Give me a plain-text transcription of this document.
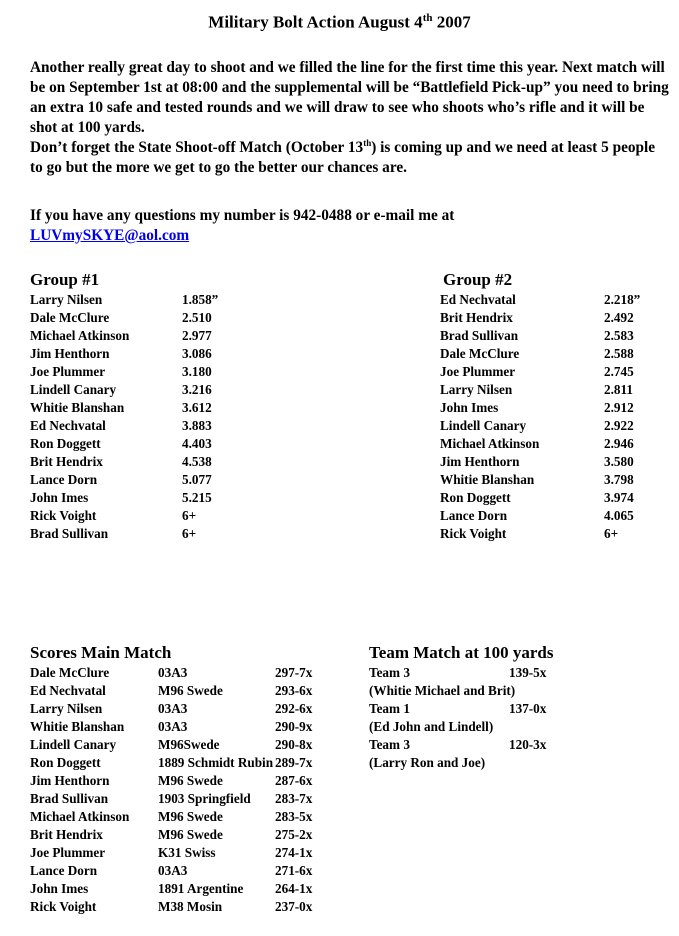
Military Bolt Action August 4th 2007

Another really great day to shoot and we filled the line for the first time this year. Next match will be on September 1st at 08:00 and the supplemental will be “Battlefield Pick-up” you need to bring an extra 10 safe and tested rounds and we will draw to see who shoots who’s rifle and it will be shot at 100 yards.

Don’t forget the State Shoot-off Match (October 13th) is coming up and we need at least 5 people to go but the more we get to go the better our chances are.

If you have any questions my number is 942-0488 or e-mail me at
LUVmySKYE@aol.com
Group #1
Larry Nilsen	1.858”
Dale McClure	2.510
Michael Atkinson	2.977
Jim Henthorn	3.086
Joe Plummer	3.180
Lindell Canary	3.216
Whitie Blanshan	3.612
Ed Nechvatal	3.883
Ron Doggett	4.403
Brit Hendrix	4.538
Lance Dorn	5.077
John Imes	5.215
Rick Voight	6+
Brad Sullivan	6+
Group #2
Ed Nechvatal	2.218”
Brit Hendrix	2.492
Brad Sullivan	2.583
Dale McClure	2.588
Joe Plummer	2.745
Larry Nilsen	2.811
John Imes	2.912
Lindell Canary	2.922
Michael Atkinson	2.946
Jim Henthorn	3.580
Whitie Blanshan	3.798
Ron Doggett	3.974
Lance Dorn	4.065
Rick Voight	6+
Scores Main Match
Dale McClure	03A3	297-7x
Ed Nechvatal	M96 Swede	293-6x
Larry Nilsen	03A3	292-6x
Whitie Blanshan	03A3	290-9x
Lindell Canary	M96Swede	290-8x
Ron Doggett	1889 Schmidt Rubin 289-7x
Jim Henthorn	M96 Swede	287-6x
Brad Sullivan	1903 Springfield 283-7x
Michael Atkinson M96 Swede	283-5x
Brit Hendrix	M96 Swede	275-2x
Joe Plummer	K31 Swiss	274-1x
Lance Dorn	03A3	271-6x
John Imes	1891 Argentine 264-1x
Rick Voight	M38 Mosin	237-0x
Team Match at 100 yards
Team 3	139-5x
(Whitie Michael and Brit)
Team 1	137-0x
(Ed John and Lindell)
Team 3	120-3x
(Larry Ron and Joe)
